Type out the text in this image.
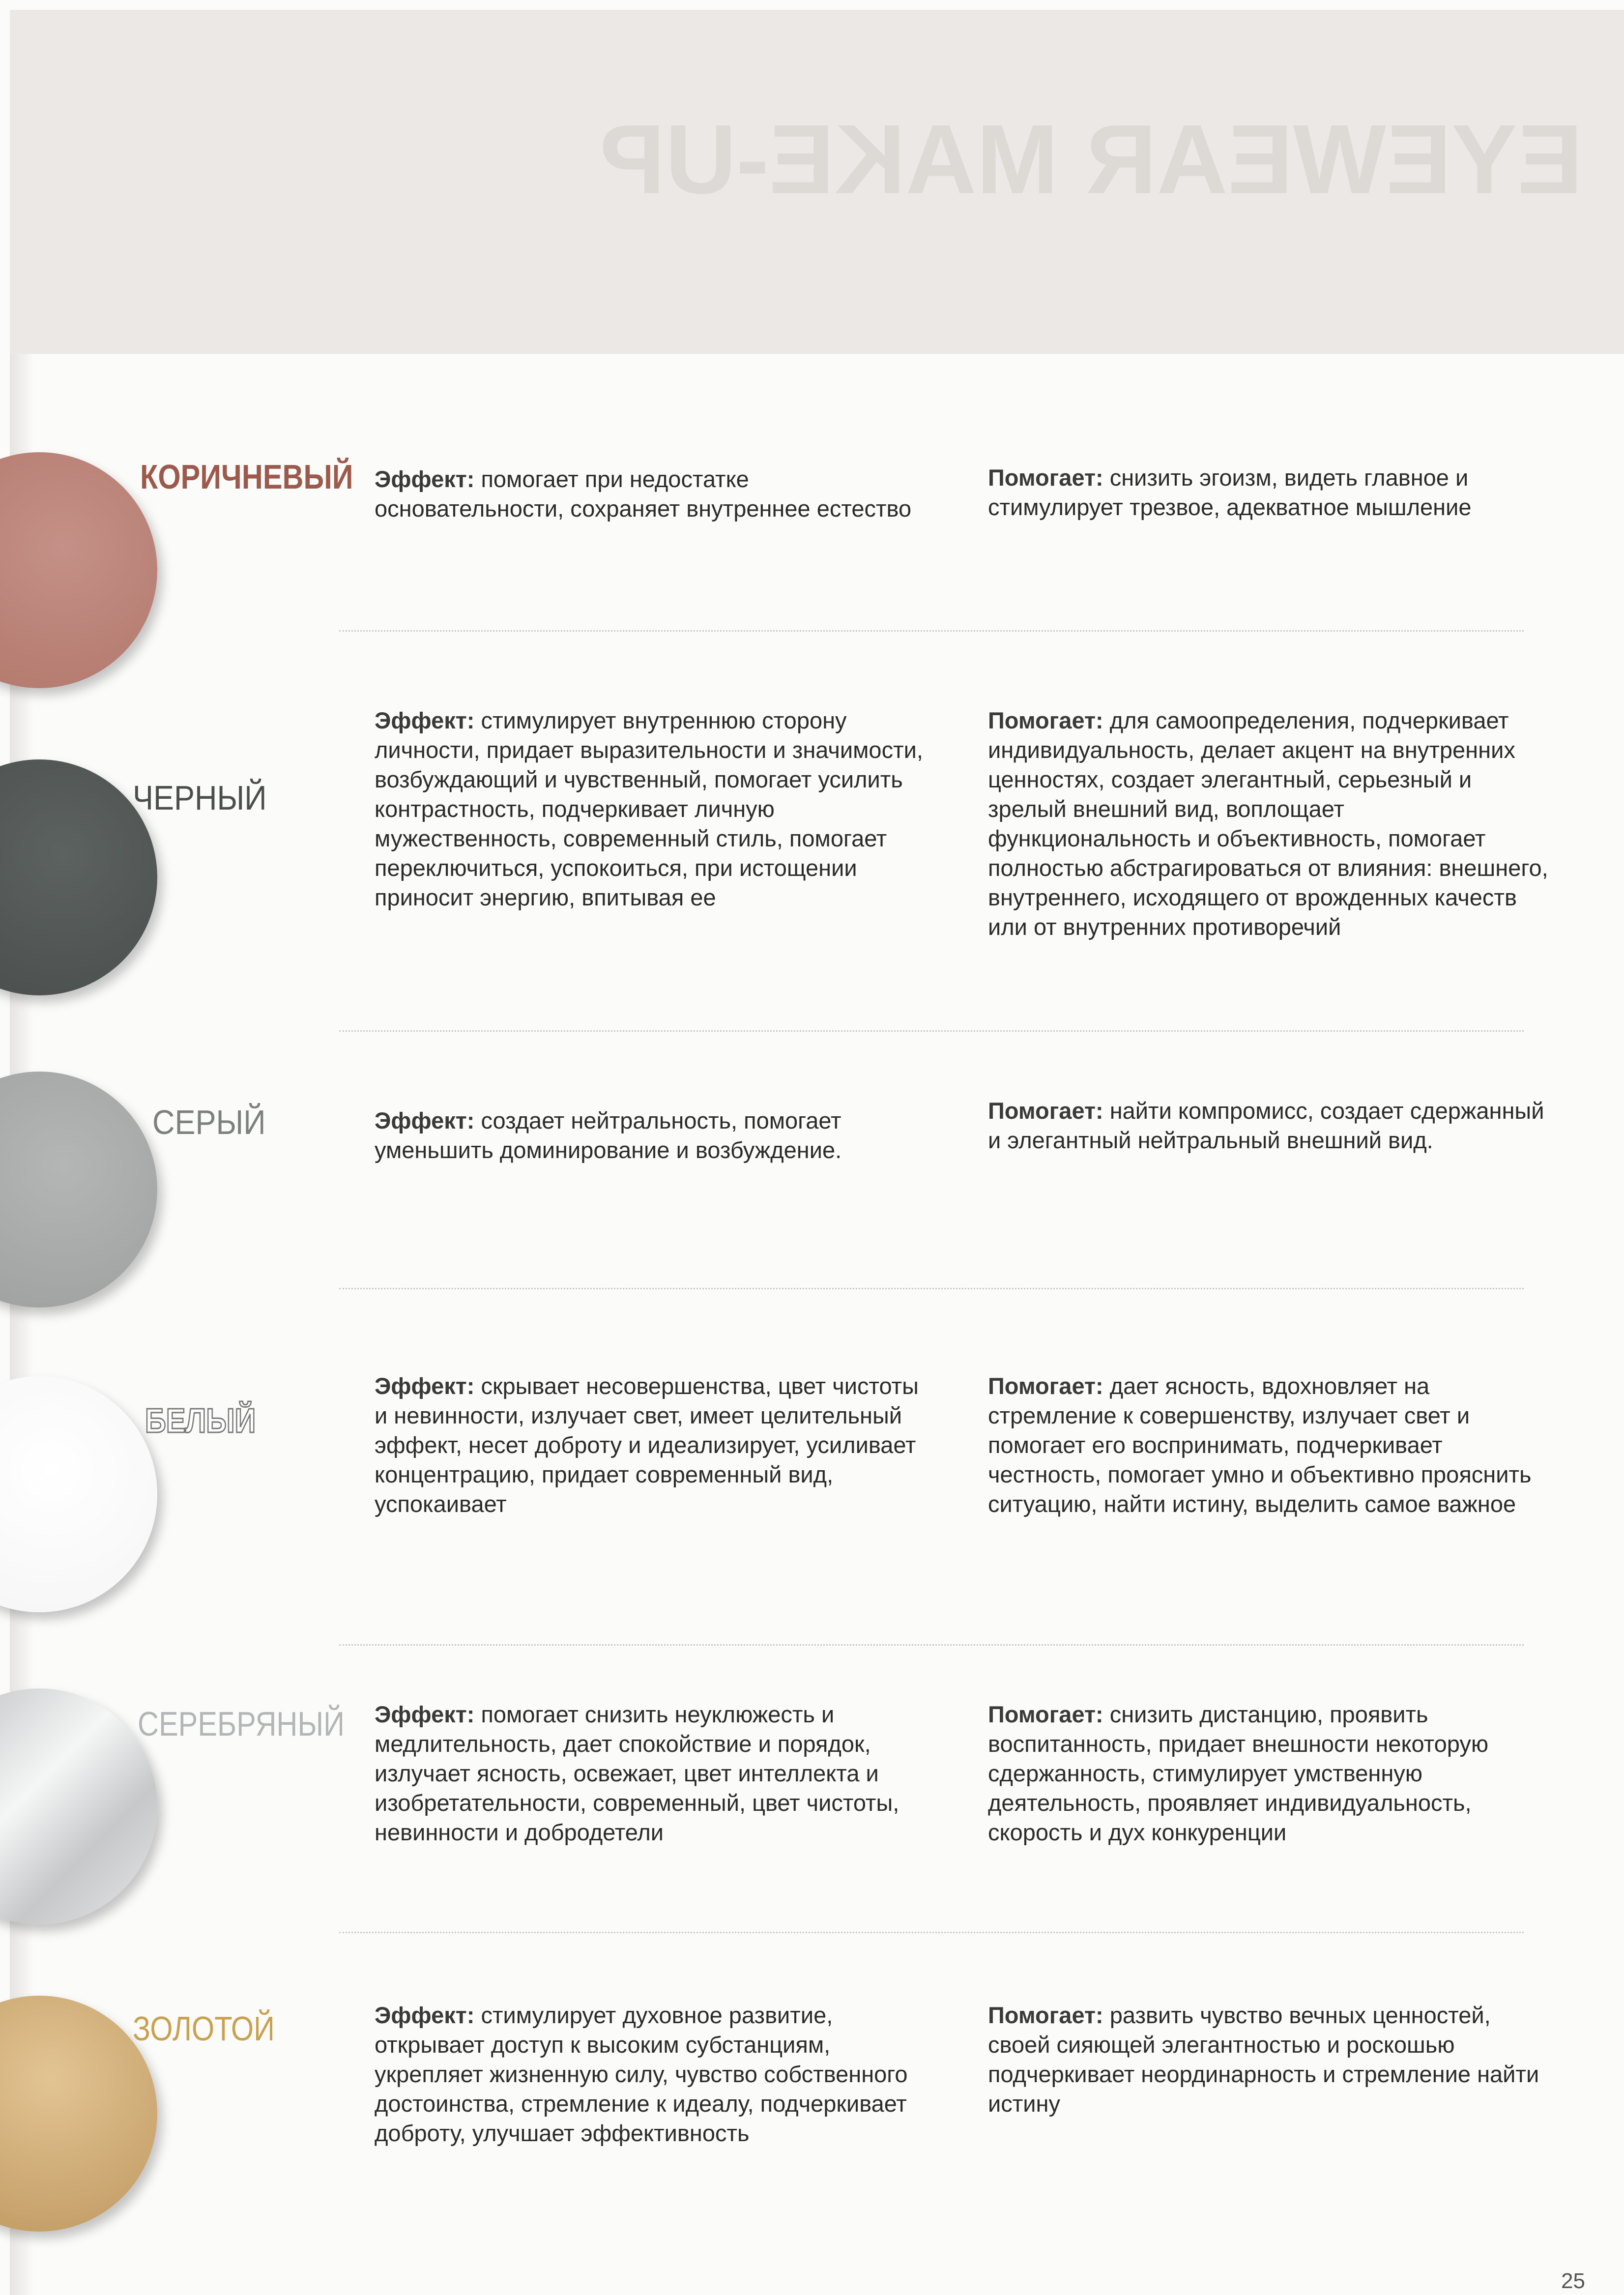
EYEWEAR MAKE-UP
КОРИЧНЕВЫЙ Эффект: помогает при недостатке основательности, сохраняет внутреннее естество
Помогает: снизить эгоизм, видеть главное и стимулирует трезвое, адекватное мышление
ЧЕРНЫЙ
Эффект: стимулирует внутреннюю сторону личности, придает выразительности и значимости, возбуждающий и чувственный, помогает усилить контрастность, подчеркивает личную мужественность, современный стиль, помогает переключиться, успокоиться, при истощении приносит энергию, впитывая ее
Помогает: для самоопределения, подчеркивает индивидуальность, делает акцент на внутренних ценностях, создает элегантный, серьезный и зрелый внешний вид, воплощает функциональность и объективность, помогает полностью абстрагироваться от влияния: внешнего, внутреннего, исходящего от врожденных качеств или от внутренних противоречий
СЕРЫЙ	Эффект: создает нейтральность, помогает уменьшить доминирование и возбуждение.
Помогает: найти компромисс, создает сдержанный и элегантный нейтральный внешний вид.
БЕЛЫЙ
Эффект: скрывает несовершенства, цвет чистоты и невинности, излучает свет, имеет целительный эффект, несет доброту и идеализирует, усиливает концентрацию, придает современный вид, успокаивает
Помогает: дает ясность, вдохновляет на стремление к совершенству, излучает свет и помогает его воспринимать, подчеркивает честность, помогает умно и объективно прояснить ситуацию, найти истину, выделить самое важное
СЕРЕБРЯНЫЙ Эффект: помогает снизить неуклюжесть и медлительность, дает спокойствие и порядок, излучает ясность, освежает, цвет интеллекта и изобретательности, современный, цвет чистоты, невинности и добродетели
Помогает: снизить дистанцию, проявить воспитанность, придает внешности некоторую сдержанность, стимулирует умственную деятельность, проявляет индивидуальность, скорость и дух конкуренции
ЗОЛОТОЙ	Эффект: стимулирует духовное развитие, открывает доступ к высоким субстанциям, укрепляет жизненную силу, чувство собственного достоинства, стремление к идеалу, подчеркивает доброту, улучшает эффективность
Помогает: развить чувство вечных ценностей, своей сияющей элегантностью и роскошью подчеркивает неординарность и стремление найти истину
25
